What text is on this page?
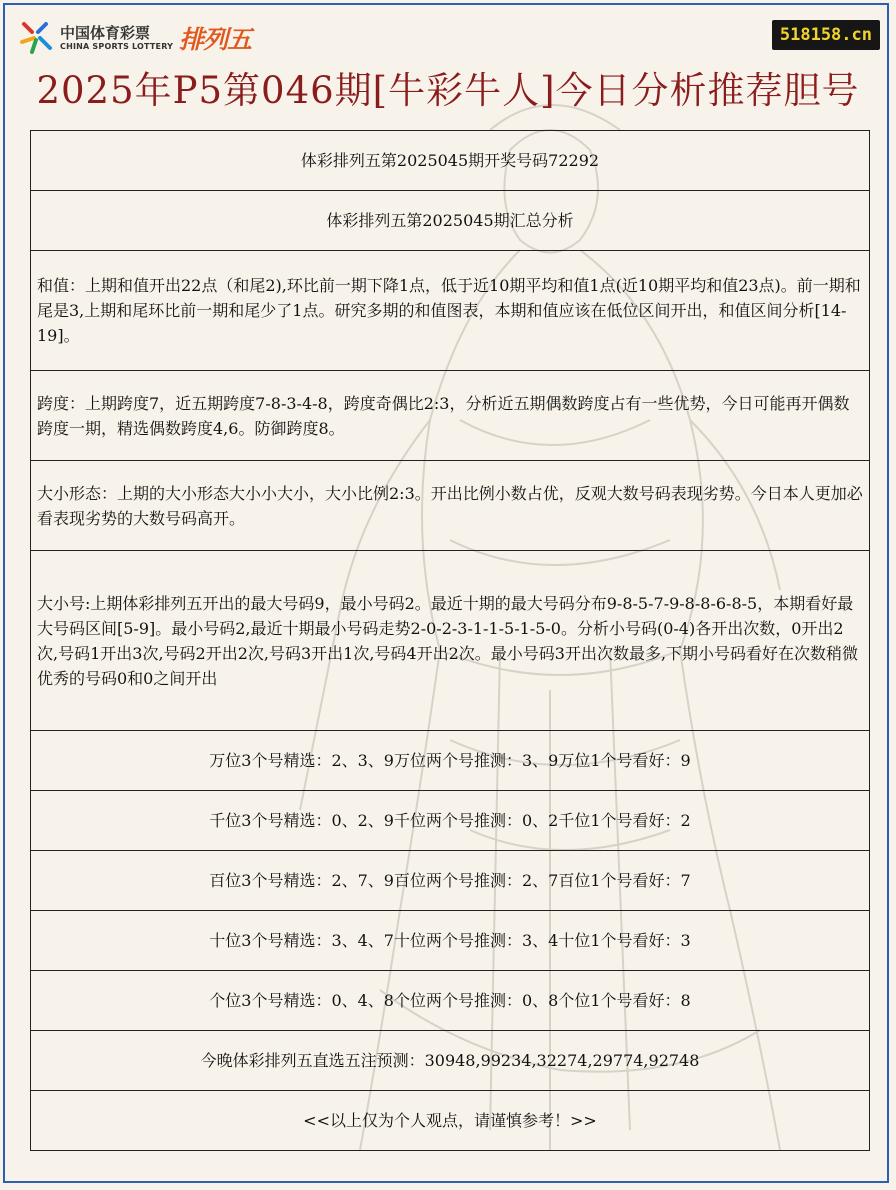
中国体育彩票
CHINA SPORTS LOTTERY 排列五	518158.cn
2025年P5第046期[牛彩牛人]今日分析推荐胆号
体彩排列五第2025045期开奖号码72292
体彩排列五第2025045期汇总分析
和值：上期和值开出22点（和尾2),环比前一期下降1点，低于近10期平均和值1点(近10期平均和值23点)。前一期和尾是3,上期和尾环比前一期和尾少了1点。研究多期的和值图表，本期和值应该在低位区间开出，和值区间分析[14-19]。
跨度：上期跨度7，近五期跨度7-8-3-4-8，跨度奇偶比2:3，分析近五期偶数跨度占有一些优势，今日可能再开偶数跨度一期，精选偶数跨度4,6。防御跨度8。
大小形态：上期的大小形态大小小大小，大小比例2:3。开出比例小数占优，反观大数号码表现劣势。今日本人更加必看表现劣势的大数号码高开。
大小号:上期体彩排列五开出的最大号码9，最小号码2。最近十期的最大号码分布9-8-5-7-9-8-8-6-8-5，本期看好最大号码区间[5-9]。最小号码2,最近十期最小号码走势2-0-2-3-1-1-5-1-5-0。分析小号码(0-4)各开出次数，0开出2次,号码1开出3次,号码2开出2次,号码3开出1次,号码4开出2次。最小号码3开出次数最多,下期小号码看好在次数稍微优秀的号码0和0之间开出
万位3个号精选：2、3、9万位两个号推测：3、9万位1个号看好：9
千位3个号精选：0、2、9千位两个号推测：0、2千位1个号看好：2
百位3个号精选：2、7、9百位两个号推测：2、7百位1个号看好：7
十位3个号精选：3、4、7十位两个号推测：3、4十位1个号看好：3
个位3个号精选：0、4、8个位两个号推测：0、8个位1个号看好：8
今晚体彩排列五直选五注预测：30948,99234,32274,29774,92748
<<以上仅为个人观点，请谨慎参考！>>
